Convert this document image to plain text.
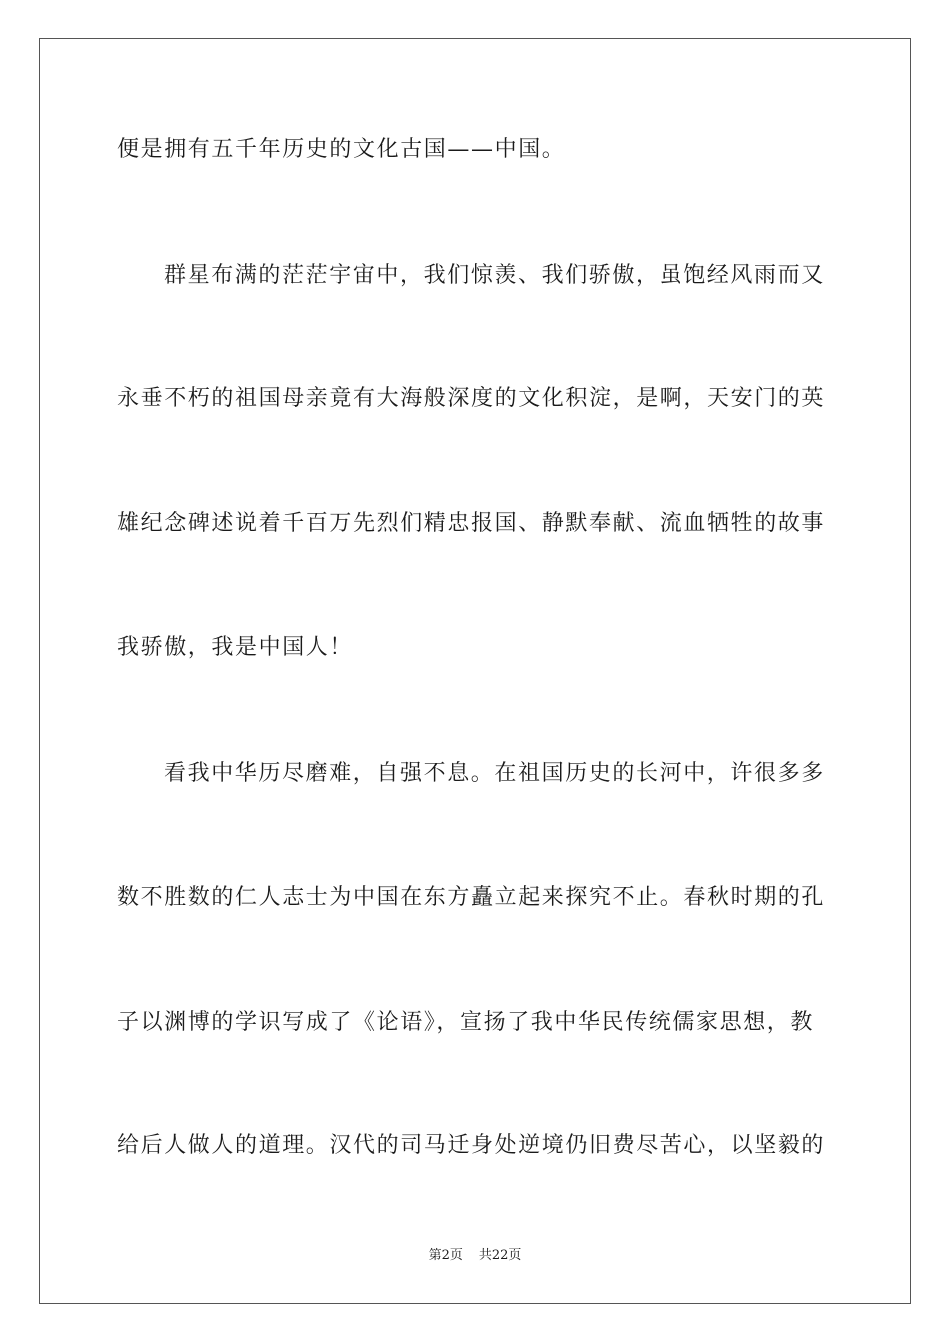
便是拥有五千年历史的文化古国——中国。
群星布满的茫茫宇宙中，我们惊羡、我们骄傲，虽饱经风雨而又
永垂不朽的祖国母亲竟有大海般深度的文化积淀，是啊，天安门的英
雄纪念碑述说着千百万先烈们精忠报国、静默奉献、流血牺牲的故事
我骄傲，我是中国人！
看我中华历尽磨难，自强不息。在祖国历史的长河中，许很多多
数不胜数的仁人志士为中国在东方矗立起来探究不止。春秋时期的孔
子以渊博的学识写成了《论语》，宣扬了我中华民传统儒家思想，教
给后人做人的道理。汉代的司马迁身处逆境仍旧费尽苦心，以坚毅的
第2页 共22页
